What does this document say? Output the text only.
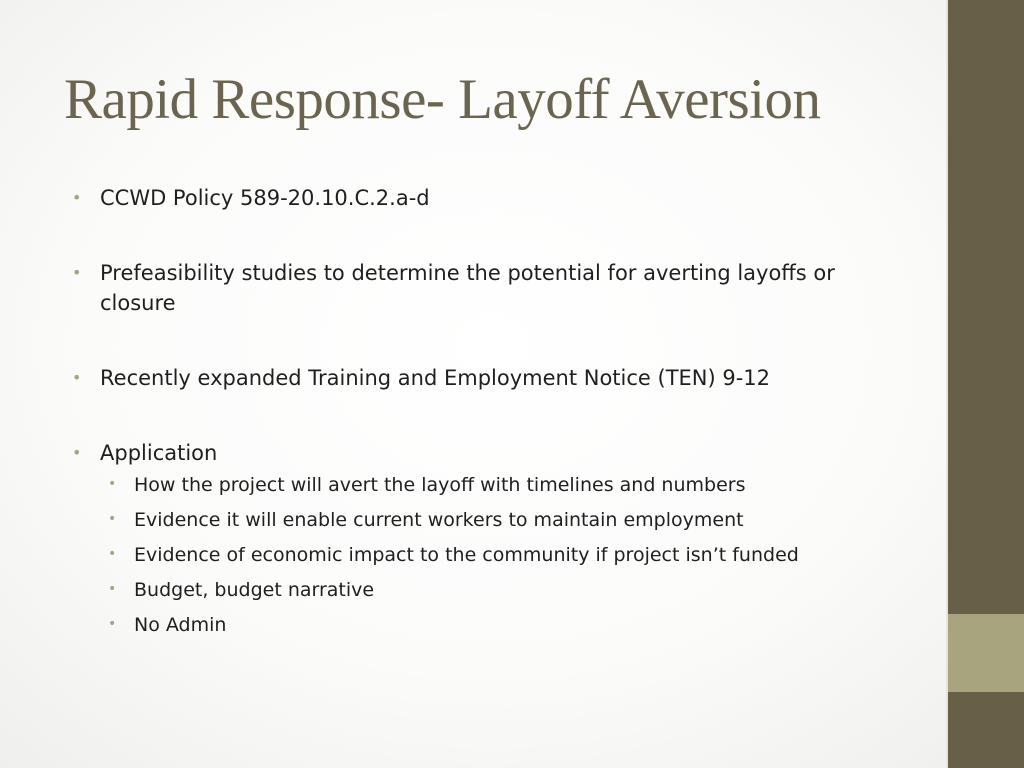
Rapid Response- Layoff Aversion
• CCWD Policy 589-20.10.C.2.a-d
• Prefeasibility studies to determine the potential for averting layoffs or closure
• Recently expanded Training and Employment Notice (TEN) 9-12
• Application
• How the project will avert the layoff with timelines and numbers
• Evidence it will enable current workers to maintain employment
• Evidence of economic impact to the community if project isn’t funded
• Budget, budget narrative
• No Admin
